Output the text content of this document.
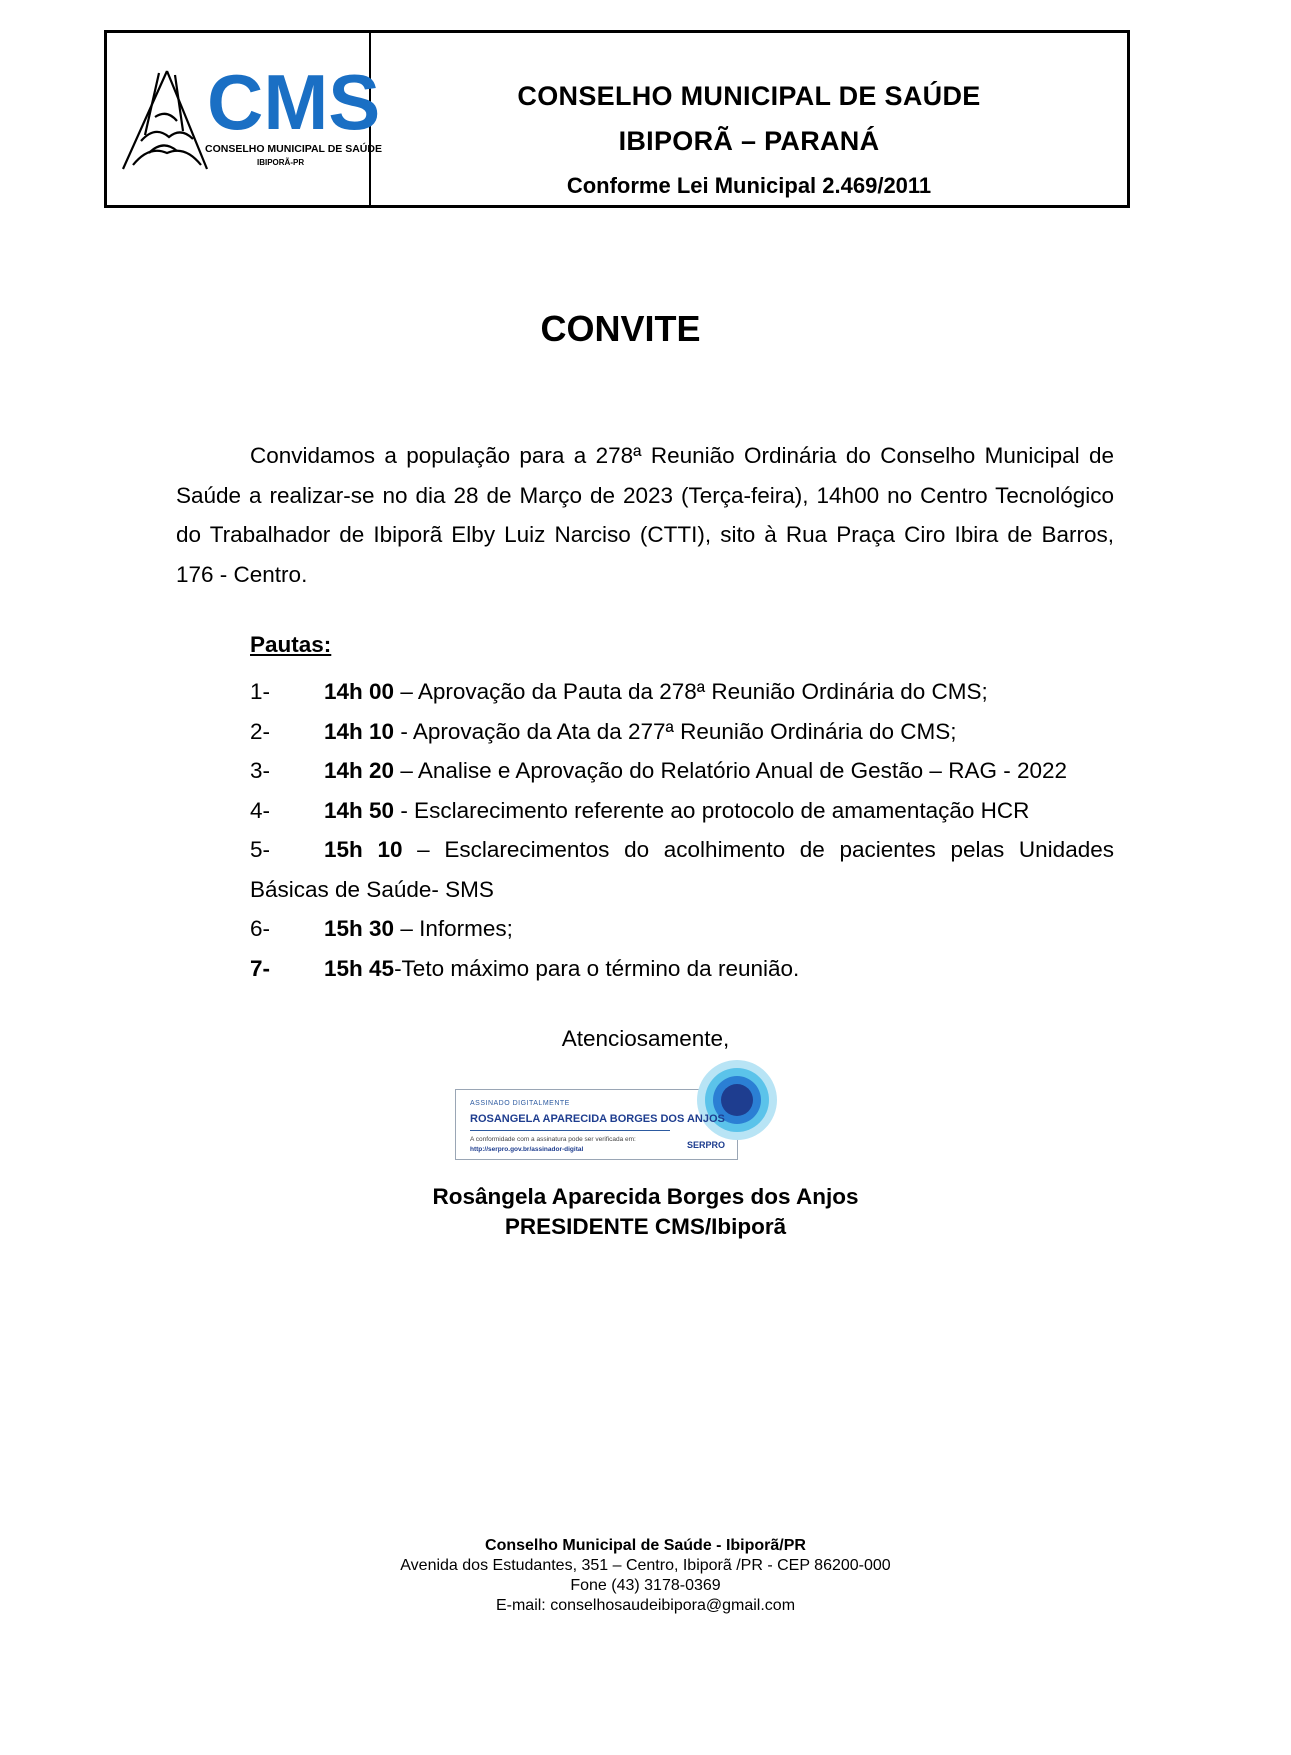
CMS
CONSELHO MUNICIPAL DE SAÚDE
IBIPORÃ-PR
CONSELHO MUNICIPAL DE SAÚDE
IBIPORÃ – PARANÁ
Conforme Lei Municipal 2.469/2011
CONVITE

Convidamos a população para a 278ª Reunião Ordinária do Conselho Municipal de Saúde a realizar-se no dia 28 de Março de 2023 (Terça-feira), 14h00 no Centro Tecnológico do Trabalhador de Ibiporã Elby Luiz Narciso (CTTI), sito à Rua Praça Ciro Ibira de Barros, 176 - Centro.

Pautas:
1- 14h 00 – Aprovação da Pauta da 278ª Reunião Ordinária do CMS;
2- 14h 10 - Aprovação da Ata da 277ª Reunião Ordinária do CMS;
3- 14h 20 – Analise e Aprovação do Relatório Anual de Gestão – RAG - 2022
4- 14h 50 - Esclarecimento referente ao protocolo de amamentação HCR
5-	15h 10 – Esclarecimentos do acolhimento de pacientes pelas Unidades Básicas de Saúde- SMS
6- 15h 30 – Informes;
7- 15h 45-Teto máximo para o término da reunião.
Atenciosamente,
ASSINADO DIGITALMENTE
ROSANGELA APARECIDA BORGES DOS ANJOS
A conformidade com a assinatura pode ser verificada em:
http://serpro.gov.br/assinador-digital	SERPRO
Rosângela Aparecida Borges dos Anjos
PRESIDENTE CMS/Ibiporã
Conselho Municipal de Saúde - Ibiporã/PR
Avenida dos Estudantes, 351 – Centro, Ibiporã /PR - CEP 86200-000
Fone (43) 3178-0369
E-mail: conselhosaudeibipora@gmail.com
